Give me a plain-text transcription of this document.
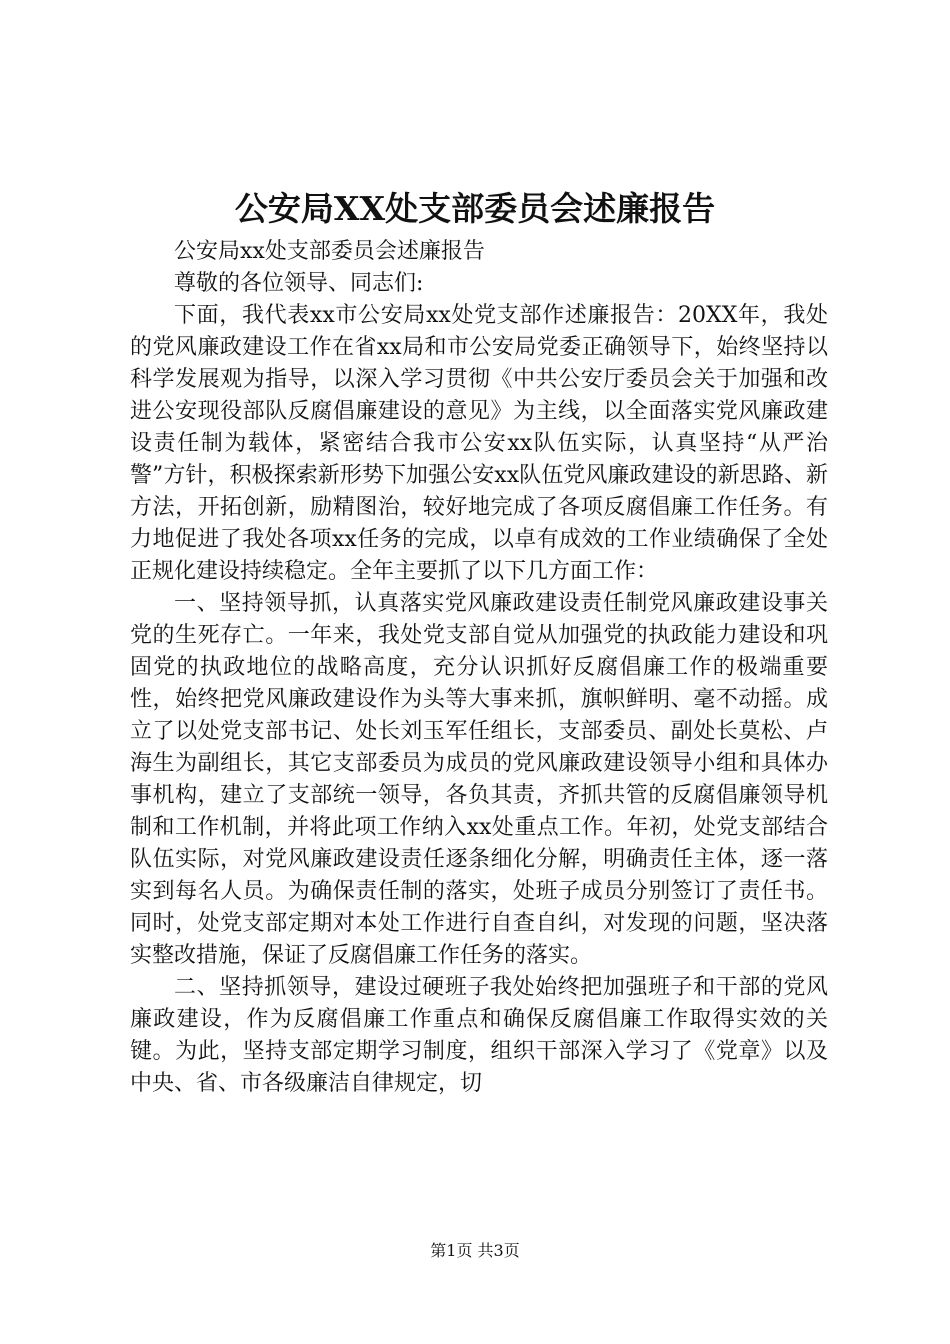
公安局XX处支部委员会述廉报告

公安局xx处支部委员会述廉报告

尊敬的各位领导、同志们:

下面，我代表xx市公安局xx处党支部作述廉报告：20XX年，我处的党风廉政建设工作在省xx局和市公安局党委正确领导下，始终坚持以科学发展观为指导，以深入学习贯彻《中共公安厅委员会关于加强和改进公安现役部队反腐倡廉建设的意见》为主线，以全面落实党风廉政建设责任制为载体，紧密结合我市公安xx队伍实际，认真坚持“从严治警”方针，积极探索新形势下加强公安xx队伍党风廉政建设的新思路、新方法，开拓创新，励精图治，较好地完成了各项反腐倡廉工作任务。有力地促进了我处各项xx任务的完成，以卓有成效的工作业绩确保了全处正规化建设持续稳定。全年主要抓了以下几方面工作：

一、坚持领导抓，认真落实党风廉政建设责任制党风廉政建设事关党的生死存亡。一年来，我处党支部自觉从加强党的执政能力建设和巩固党的执政地位的战略高度，充分认识抓好反腐倡廉工作的极端重要性，始终把党风廉政建设作为头等大事来抓，旗帜鲜明、毫不动摇。成立了以处党支部书记、处长刘玉军任组长，支部委员、副处长莫松、卢海生为副组长，其它支部委员为成员的党风廉政建设领导小组和具体办事机构，建立了支部统一领导，各负其责，齐抓共管的反腐倡廉领导机制和工作机制，并将此项工作纳入xx处重点工作。年初，处党支部结合队伍实际，对党风廉政建设责任逐条细化分解，明确责任主体，逐一落实到每名人员。为确保责任制的落实，处班子成员分别签订了责任书。同时，处党支部定期对本处工作进行自查自纠，对发现的问题，坚决落实整改措施，保证了反腐倡廉工作任务的落实。

二、坚持抓领导，建设过硬班子我处始终把加强班子和干部的党风廉政建设，作为反腐倡廉工作重点和确保反腐倡廉工作取得实效的关键。为此，坚持支部定期学习制度，组织干部深入学习了《党章》以及中央、省、市各级廉洁自律规定，切

第1页 共3页
